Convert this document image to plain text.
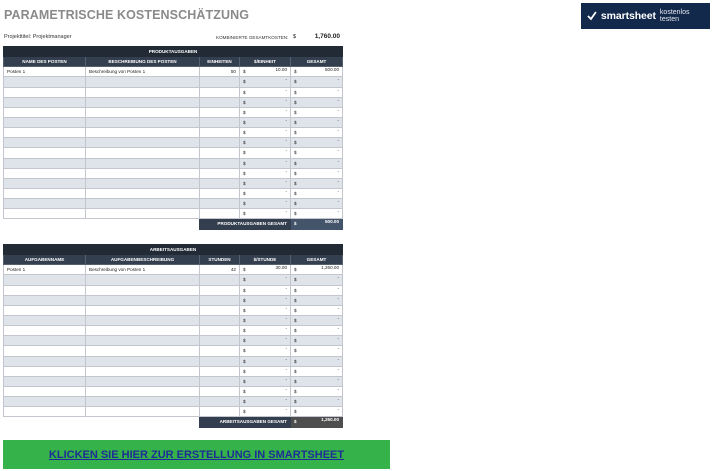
PARAMETRISCHE KOSTENSCHÄTZUNG	smartsheet kostenlos testen
Projekttitel: Projektmanager	KOMBINIERTE GESAMTKOSTEN: $	1,760.00
PRODUKTAUSGABEN				
NAME DES POSTEN	BESCHREIBUNG DES POSTEN	EINHEITEN	$/EINHEIT	GESAMT
Posten 1	Beschreibung von Posten 1	50	$ 10.00	$ 500.00

			$ -	$ -

			$ -	$ -

			$ -	$ -

			$ -	$ -

			$ -	$ -

			$ -	$ -

			$ -	$ -

			$ -	$ -

			$ -	$ -

			$ -	$ -

			$ -	$ -

			$ -	$ -

			$ -	$ -

			$ -	$ -

		PRODUKTAUSGABEN GESAMT		$ 500.00
ARBEITSAUSGABEN				
AUFGABENNAME	AUFGABENBESCHREIBUNG	STUNDEN	$/STUNDE	GESAMT
Posten 1	Beschreibung von Posten 1	42	$ 30.00	$ 1,260.00

			$ -	$ -

			$ -	$ -

			$ -	$ -

			$ -	$ -

			$ -	$ -

			$ -	$ -

			$ -	$ -

			$ -	$ -

			$ -	$ -

			$ -	$ -

			$ -	$ -

			$ -	$ -

			$ -	$ -

			$ -	$ -

		ARBEITSAUSGABEN GESAMT		$ 1,260.00
KLICKEN SIE HIER ZUR ERSTELLUNG IN SMARTSHEET
